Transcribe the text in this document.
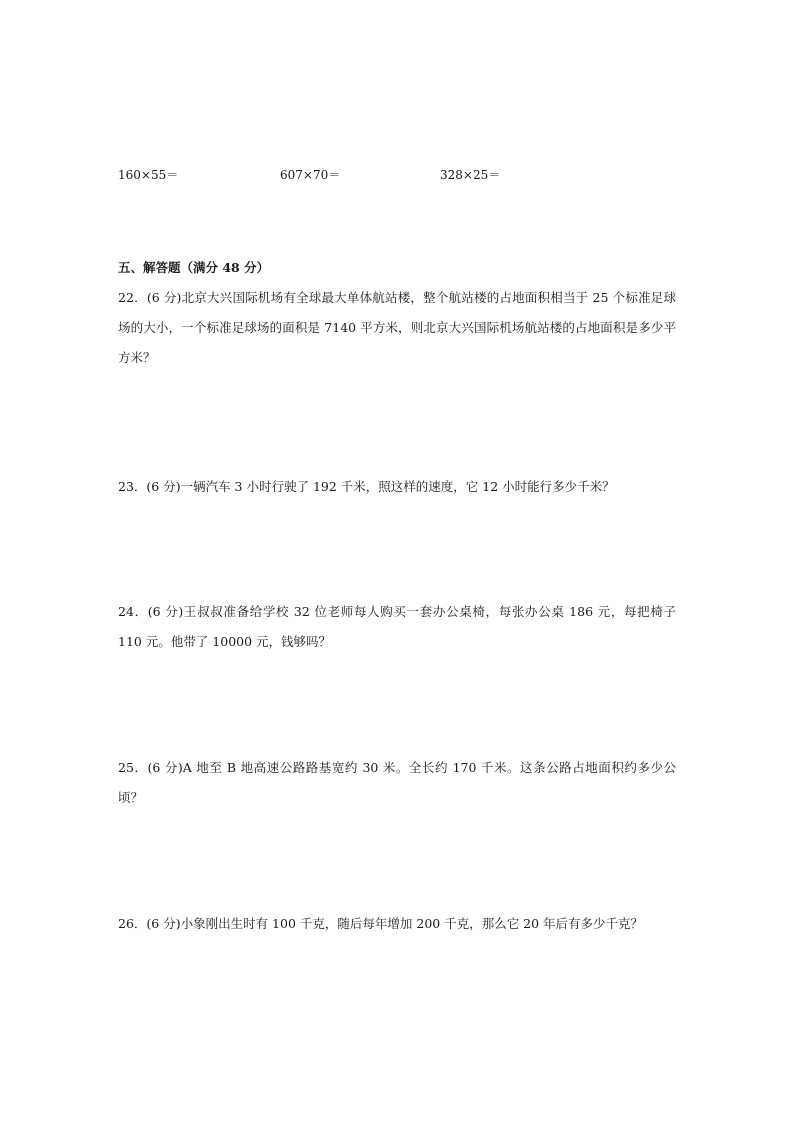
160×55＝	607×70＝	328×25＝
五、解答题（满分 48 分）
22．(6 分)北京大兴国际机场有全球最大单体航站楼，整个航站楼的占地面积相当于 25 个标准足球场的大小，一个标准足球场的面积是 7140 平方米，则北京大兴国际机场航站楼的占地面积是多少平方米？
23．(6 分)一辆汽车 3 小时行驶了 192 千米，照这样的速度，它 12 小时能行多少千米？
24．(6 分)王叔叔准备给学校 32 位老师每人购买一套办公桌椅，每张办公桌 186 元，每把椅子 110 元。他带了 10000 元，钱够吗？
25．(6 分)A 地至 B 地高速公路路基宽约 30 米。全长约 170 千米。这条公路占地面积约多少公顷？
26．(6 分)小象刚出生时有 100 千克，随后每年增加 200 千克，那么它 20 年后有多少千克？
